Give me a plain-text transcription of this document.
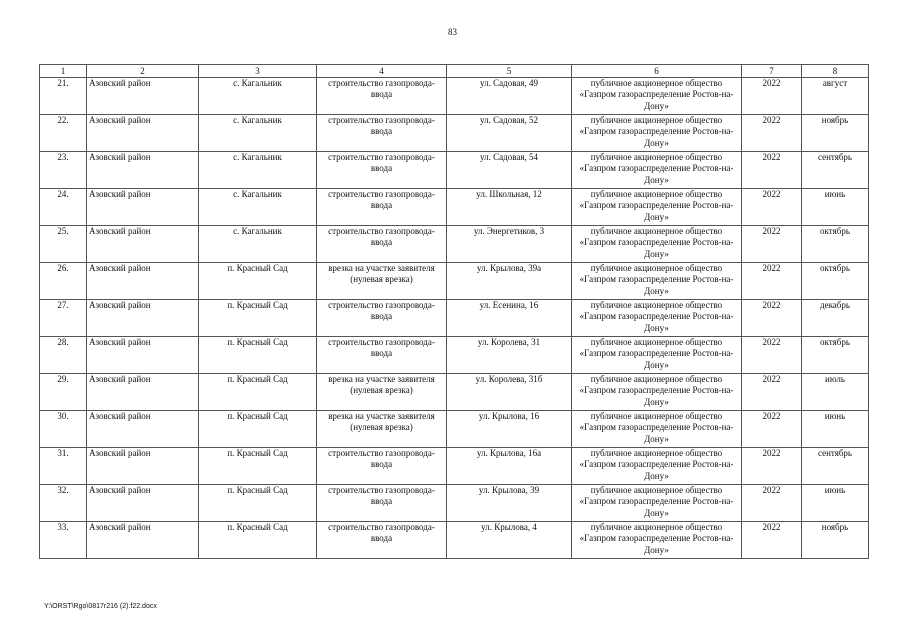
83
1	2	3	4	5	6	7	8
21.	Азовский район	с. Кагальник	строительство газопровода-ввода	ул. Садовая, 49	публичное акционерное общество «Газпром газораспределение Ростов-на-Дону»	2022	август
22.	Азовский район	с. Кагальник	строительство газопровода-ввода	ул. Садовая, 52	публичное акционерное общество «Газпром газораспределение Ростов-на-Дону»	2022	ноябрь
23.	Азовский район	с. Кагальник	строительство газопровода-ввода	ул. Садовая, 54	публичное акционерное общество «Газпром газораспределение Ростов-на-Дону»	2022	сентябрь
24.	Азовский район	с. Кагальник	строительство газопровода-ввода	ул. Школьная, 12	публичное акционерное общество «Газпром газораспределение Ростов-на-Дону»	2022	июнь
25.	Азовский район	с. Кагальник	строительство газопровода-ввода	ул. Энергетиков, 3	публичное акционерное общество «Газпром газораспределение Ростов-на-Дону»	2022	октябрь
26.	Азовский район	п. Красный Сад	врезка на участке заявителя (нулевая врезка)	ул. Крылова, 39а	публичное акционерное общество «Газпром газораспределение Ростов-на-Дону»	2022	октябрь
27.	Азовский район	п. Красный Сад	строительство газопровода-ввода	ул. Есенина, 16	публичное акционерное общество «Газпром газораспределение Ростов-на-Дону»	2022	декабрь
28.	Азовский район	п. Красный Сад	строительство газопровода-ввода	ул. Королева, 31	публичное акционерное общество «Газпром газораспределение Ростов-на-Дону»	2022	октябрь
29.	Азовский район	п. Красный Сад	врезка на участке заявителя (нулевая врезка)	ул. Королева, 31б	публичное акционерное общество «Газпром газораспределение Ростов-на-Дону»	2022	июль
30.	Азовский район	п. Красный Сад	врезка на участке заявителя (нулевая врезка)	ул. Крылова, 16	публичное акционерное общество «Газпром газораспределение Ростов-на-Дону»	2022	июнь
31.	Азовский район	п. Красный Сад	строительство газопровода-ввода	ул. Крылова, 16а	публичное акционерное общество «Газпром газораспределение Ростов-на-Дону»	2022	сентябрь
32.	Азовский район	п. Красный Сад	строительство газопровода-ввода	ул. Крылова, 39	публичное акционерное общество «Газпром газораспределение Ростов-на-Дону»	2022	июнь
33.	Азовский район	п. Красный Сад	строительство газопровода-ввода	ул. Крылова, 4	публичное акционерное общество «Газпром газораспределение Ростов-на-Дону»	2022	ноябрь
Y:\ORST\Rgo\0817r216 (2).f22.docx
